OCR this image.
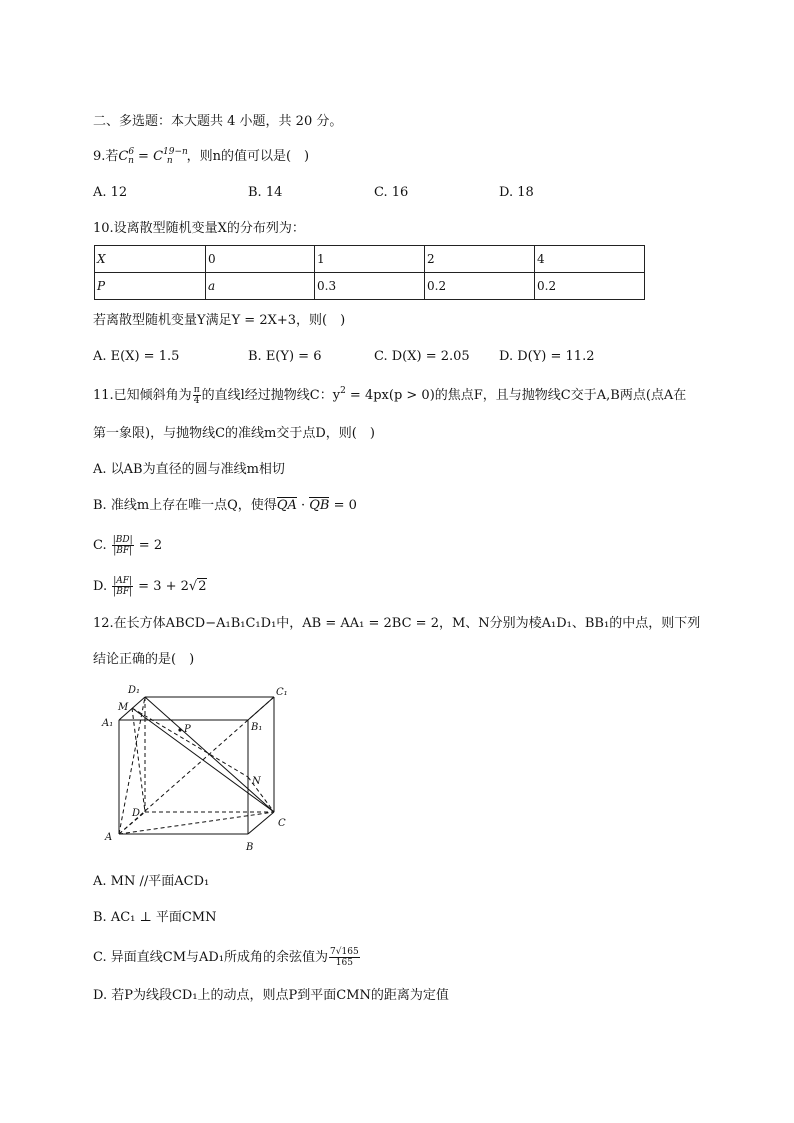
二、多选题：本大题共 4 小题，共 20 分。
9.若$C^6_n = C^{19-n}_n$ ，则n的值可以是(　)
A. 12	B. 14	C. 16	D. 18
10.设离散型随机变量X的分布列为：
X	0	1	2	4
P	a	0.3	0.2	0.2
若离散型随机变量Y满足Y = 2X+3，则(　)
A. E(X) = 1.5	B. E(Y) = 6	C. D(X) = 2.05 D. D(Y) = 11.2
11.已知倾斜角为 $\frac{\pi}{4}$ 的直线l经过抛物线C：$y^2 = 4px(p > 0)$的焦点F，且与抛物线C交于A,B两点(点A在
第一象限)，与抛物线C的准线m交于点D，则(　)
A. 以AB为直径的圆与准线m相切
B. 准线m上存在唯一点Q，使得QA · QB = 0
C. $\frac{|BD|}{|BF|} = 2$
D. $\frac{|AF|}{|BF|} = 3 + 2√2$
12.在长方体ABCD−A₁B₁C₁D₁中，AB = AA₁ = 2BC = 2，M、N分别为棱A₁D₁、BB₁的中点，则下列
结论正确的是(　)
D₁	C₁
M
A₁
P	B₁
N
D
C
A
B
A. MN //平面ACD₁
B. AC₁ ⊥ 平面CMN
C. 异面直线CM与AD₁所成角的余弦值为 $\frac{7√165}{165}$
D. 若P为线段CD₁上的动点，则点P到平面CMN的距离为定值
